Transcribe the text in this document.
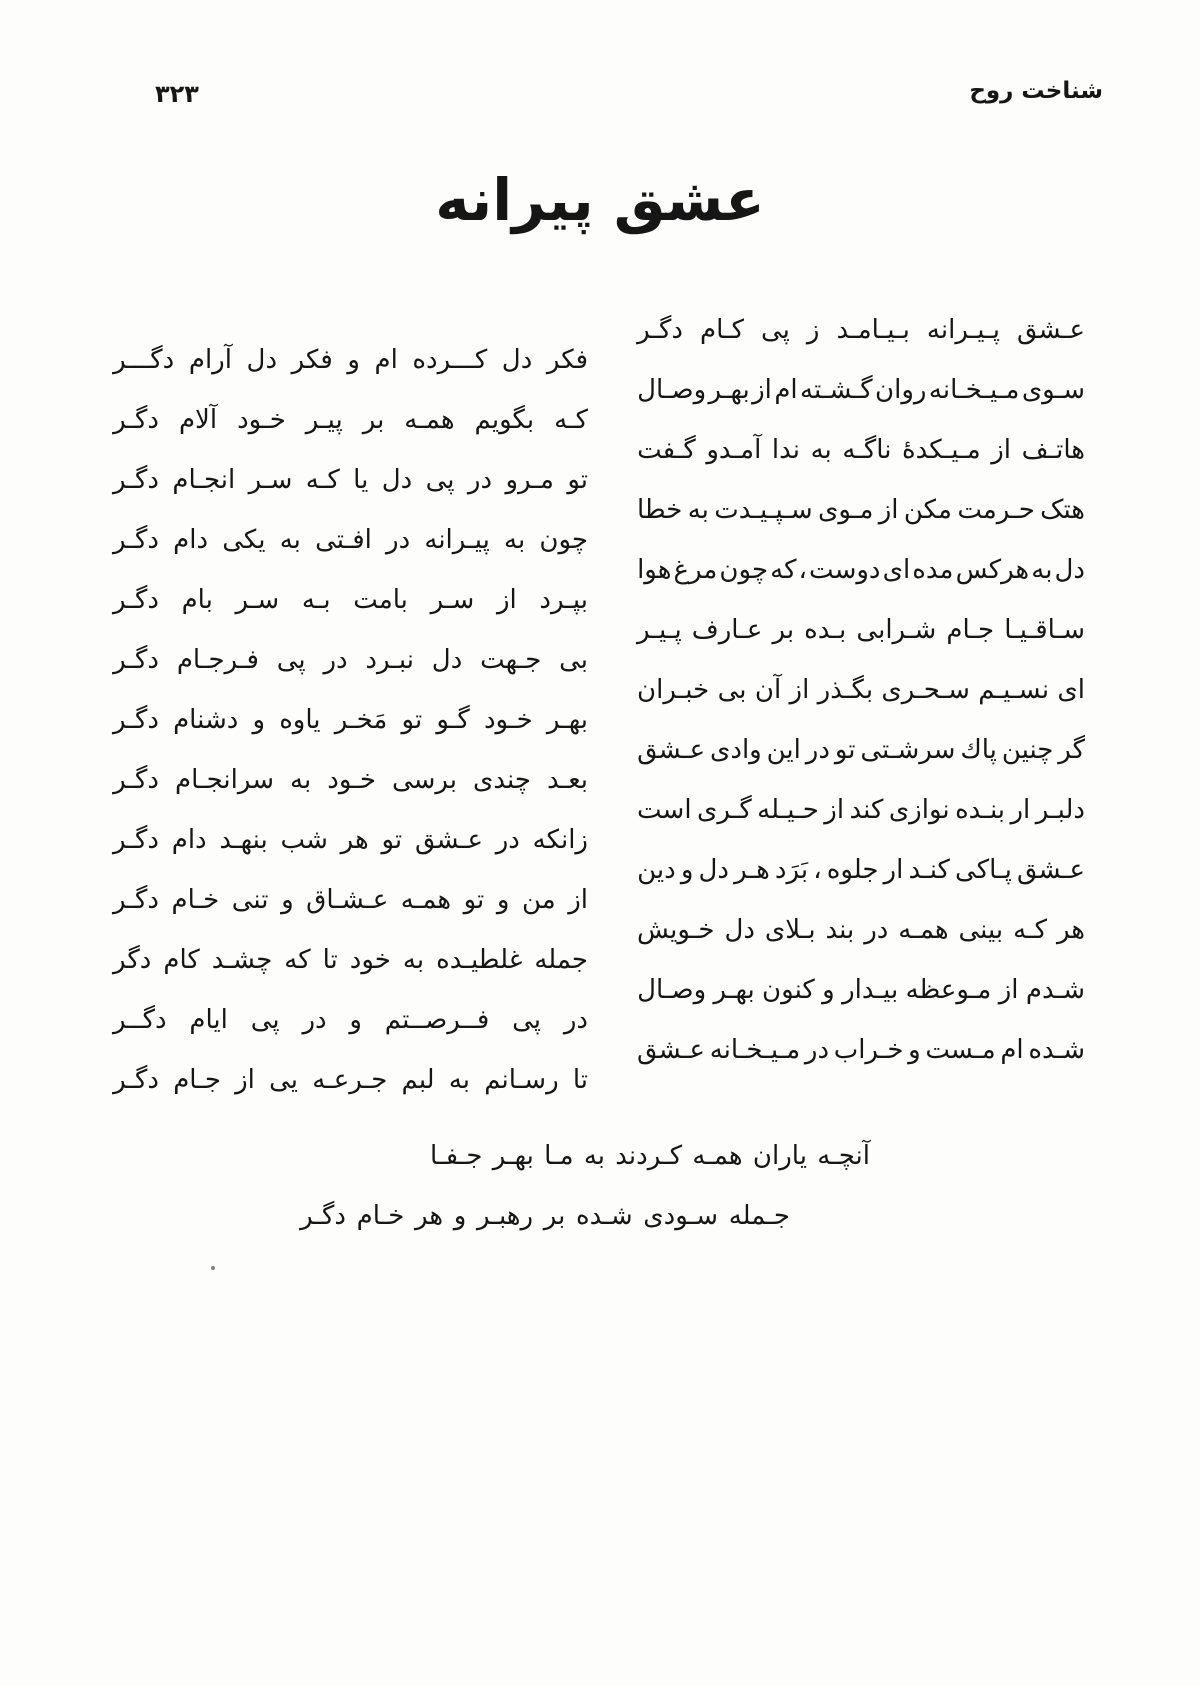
شناخت روح
۳۲۳
عشق پیرانه
عـشق
پـیـرانه
بـیـامـد
ز
پی
کـام
دگـر
سـوی
مـیـخـانه
روان
گـشـته
ام
از
بهـر
وصـال
هاتـف
از
مـیـکدهٔ
ناگـه
به
ندا
آمـدو
گـفت
هتک
حـرمت
مکن
از
مـوی
سـپـیـدت
به
خطا
دل
به
هرکس
مده
ای
دوست
،
که
چون
مرغ
هوا
سـاقـیـا
جـام
شـرابی
بـده
بر
عـارف
پـیـر
ای
نسـیـم
سـحـری
بگـذر
از
آن
بی
خبـران
گر
چنین
پاك
سرشـتی
تو
در
این
وادی
عـشق
دلبـر
ار
بنـده
نوازی
کند
از
حـیـله
گـری
است
عـشق
پـاکی
کنـد
ار
جلوه
،
بَرَد
هـر
دل
و
دین
هر
کـه
بینی
همـه
در
بند
بـلای
دل
خـویش
شـدم
از
مـوعظه
بیـدار
و
کنون
بهـر
وصـال
شـده
ام
مـست
و
خـراب
در
مـیـخـانه
عـشق
فکر
دل
کـــرده
ام
و
فکر
دل
آرام
دگـــر
کـه
بگویم
همـه
بر
پیـر
خـود
آلام
دگـر
تو
مـرو
در
پی
دل
یا
کـه
سـر
انجـام
دگـر
چون
به
پیـرانه
در
افـتی
به
یکی
دام
دگـر
بپـرد
از
سـر
بامت
بـه
سـر
بام
دگـر
بی
جـهت
دل
نبـرد
در
پی
فـرجـام
دگـر
بهـر
خـود
گـو
تو
مَخـر
یاوه
و
دشنام
دگـر
بعـد
چندی
برسی
خـود
به
سرانجـام
دگـر
زانکه
در
عـشق
تو
هر
شب
بنهـد
دام
دگـر
از
من
و
تو
همـه
عـشـاق
و
تنی
خـام
دگـر
جمله
غلطیـده
به
خود
تا
که
چشـد
کام
دگر
در
پی
فــرصــتم
و
در
پی
ایام
دگــر
تا
رسـانم
به
لبم
جـرعـه
یی
از
جـام
دگـر
آنچـه
یاران
همـه
کـردند
به
مـا
بهـر
جـفـا
جـمله
سـودی
شـده
بر
رهبـر
و
هر
خـام
دگـر
